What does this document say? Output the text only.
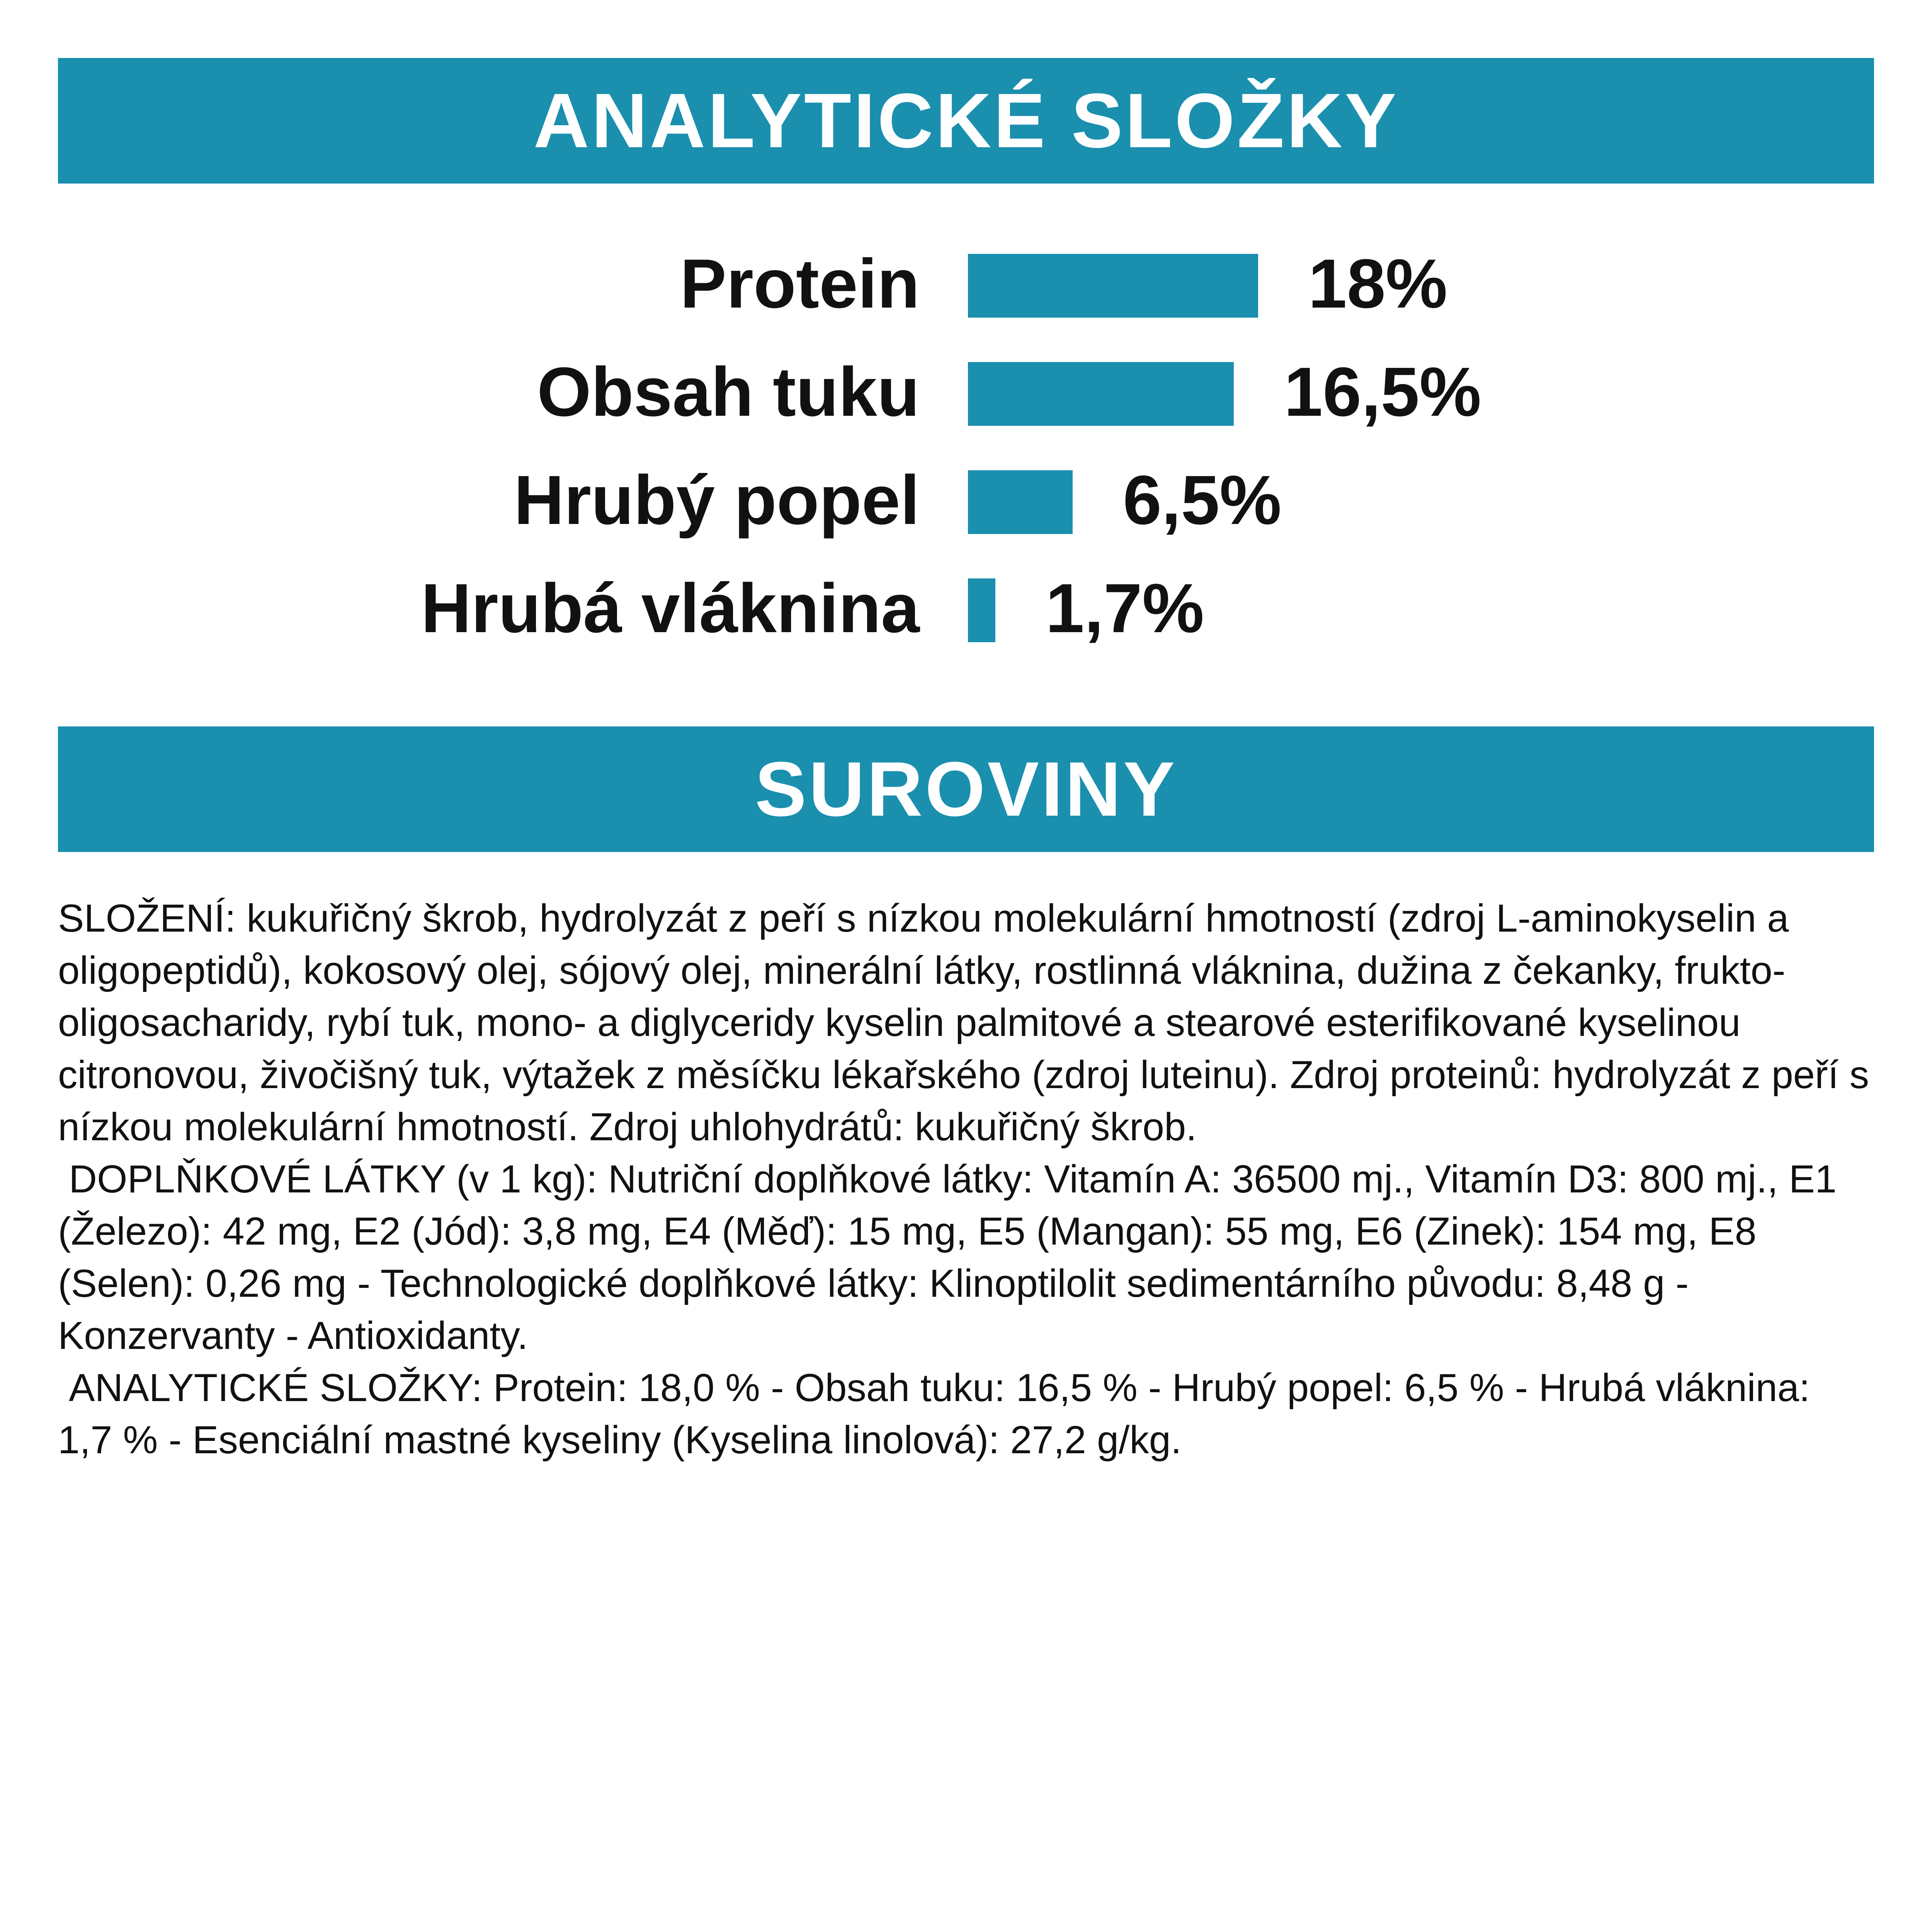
ANALYTICKÉ SLOŽKY
Protein	18%
Obsah tuku	16,5%
Hrubý popel	6,5%
Hrubá vláknina 1,7%
SUROVINY

SLOŽENÍ: kukuřičný škrob, hydrolyzát z peří s nízkou molekulární hmotností (zdroj L-aminokyselin a oligopeptidů), kokosový olej, sójový olej, minerální látky, rostlinná vláknina, dužina z čekanky, frukto-oligosacharidy, rybí tuk, mono- a diglyceridy kyselin palmitové a stearové esterifikované kyselinou citronovou, živočišný tuk, výtažek z měsíčku lékařského (zdroj luteinu). Zdroj proteinů: hydrolyzát z peří s nízkou molekulární hmotností. Zdroj uhlohydrátů: kukuřičný škrob.

DOPLŇKOVÉ LÁTKY (v 1 kg): Nutriční doplňkové látky: Vitamín A: 36500 mj., Vitamín D3: 800 mj., E1 (Železo): 42 mg, E2 (Jód): 3,8 mg, E4 (Měď): 15 mg, E5 (Mangan): 55 mg, E6 (Zinek): 154 mg, E8 (Selen): 0,26 mg - Technologické doplňkové látky: Klinoptilolit sedimentárního původu: 8,48 g - Konzervanty - Antioxidanty.

ANALYTICKÉ SLOŽKY: Protein: 18,0 % - Obsah tuku: 16,5 % - Hrubý popel: 6,5 % - Hrubá vláknina: 1,7 % - Esenciální mastné kyseliny (Kyselina linolová): 27,2 g/kg.
